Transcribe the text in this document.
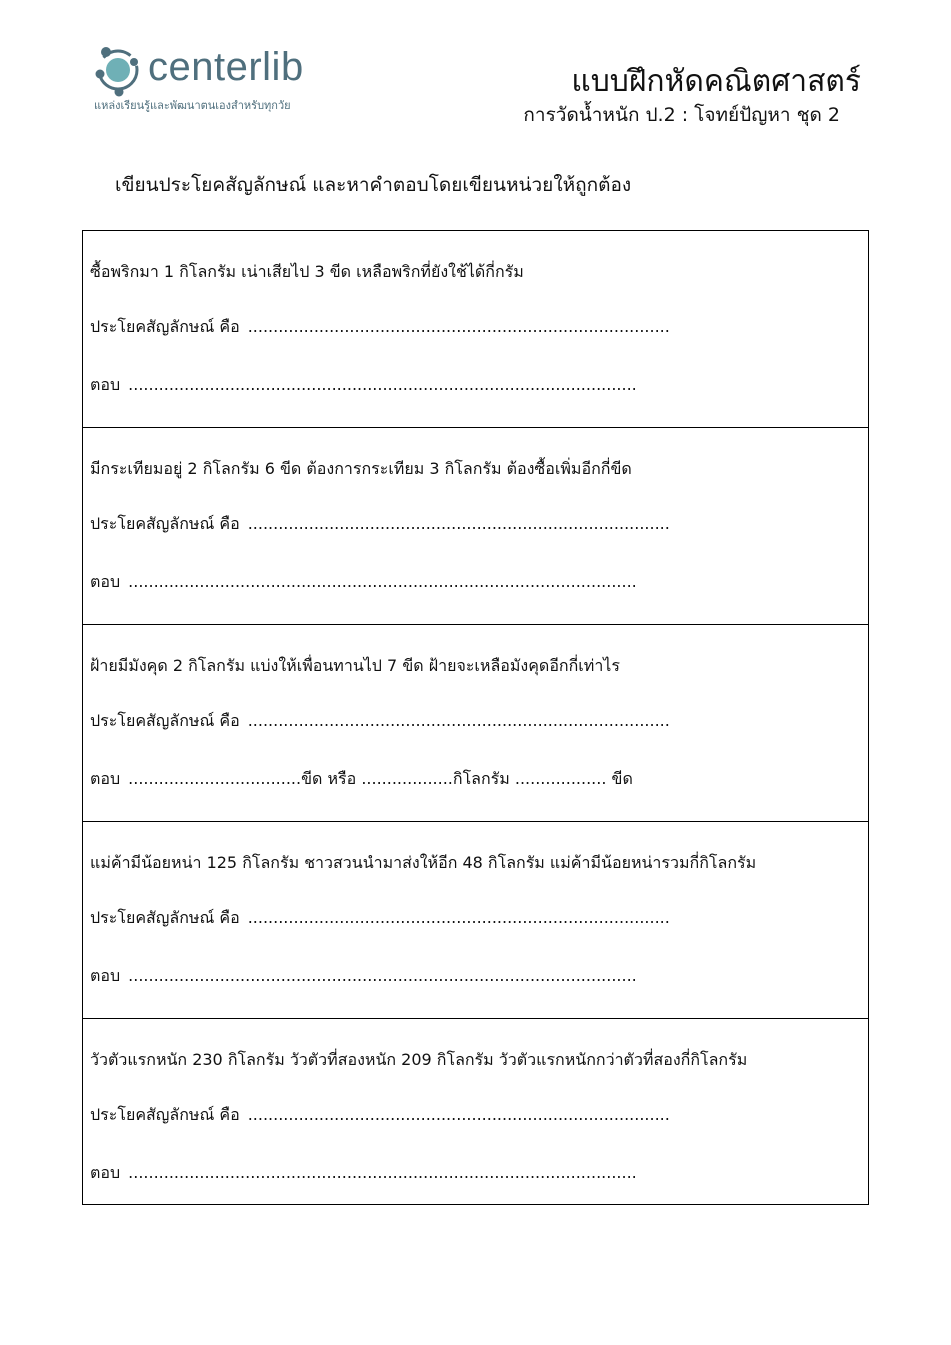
centerlib
แหล่งเรียนรู้และพัฒนาตนเองสำหรับทุกวัย
แบบฝึกหัดคณิตศาสตร์
การวัดน้ำหนัก ป.2 : โจทย์ปัญหา ชุด 2
เขียนประโยคสัญลักษณ์ และหาคำตอบโดยเขียนหน่วยให้ถูกต้อง
ซื้อพริกมา 1 กิโลกรัม เน่าเสียไป 3 ขีด เหลือพริกที่ยังใช้ได้กี่กรัม
ประโยคสัญลักษณ์ คือ ...................................................................................
ตอบ ....................................................................................................
มีกระเทียมอยู่ 2 กิโลกรัม 6 ขีด ต้องการกระเทียม 3 กิโลกรัม ต้องซื้อเพิ่มอีกกี่ขีด
ประโยคสัญลักษณ์ คือ ...................................................................................
ตอบ ....................................................................................................
ฝ้ายมีมังคุด 2 กิโลกรัม แบ่งให้เพื่อนทานไป 7 ขีด ฝ้ายจะเหลือมังคุดอีกกี่เท่าไร
ประโยคสัญลักษณ์ คือ ...................................................................................
ตอบ ..................................ขีด หรือ ..................กิโลกรัม .................. ขีด
แม่ค้ามีน้อยหน่า 125 กิโลกรัม ชาวสวนนำมาส่งให้อีก 48 กิโลกรัม แม่ค้ามีน้อยหน่ารวมกี่กิโลกรัม
ประโยคสัญลักษณ์ คือ ...................................................................................
ตอบ ....................................................................................................
วัวตัวแรกหนัก 230 กิโลกรัม วัวตัวที่สองหนัก 209 กิโลกรัม วัวตัวแรกหนักกว่าตัวที่สองกี่กิโลกรัม
ประโยคสัญลักษณ์ คือ ...................................................................................
ตอบ ....................................................................................................
